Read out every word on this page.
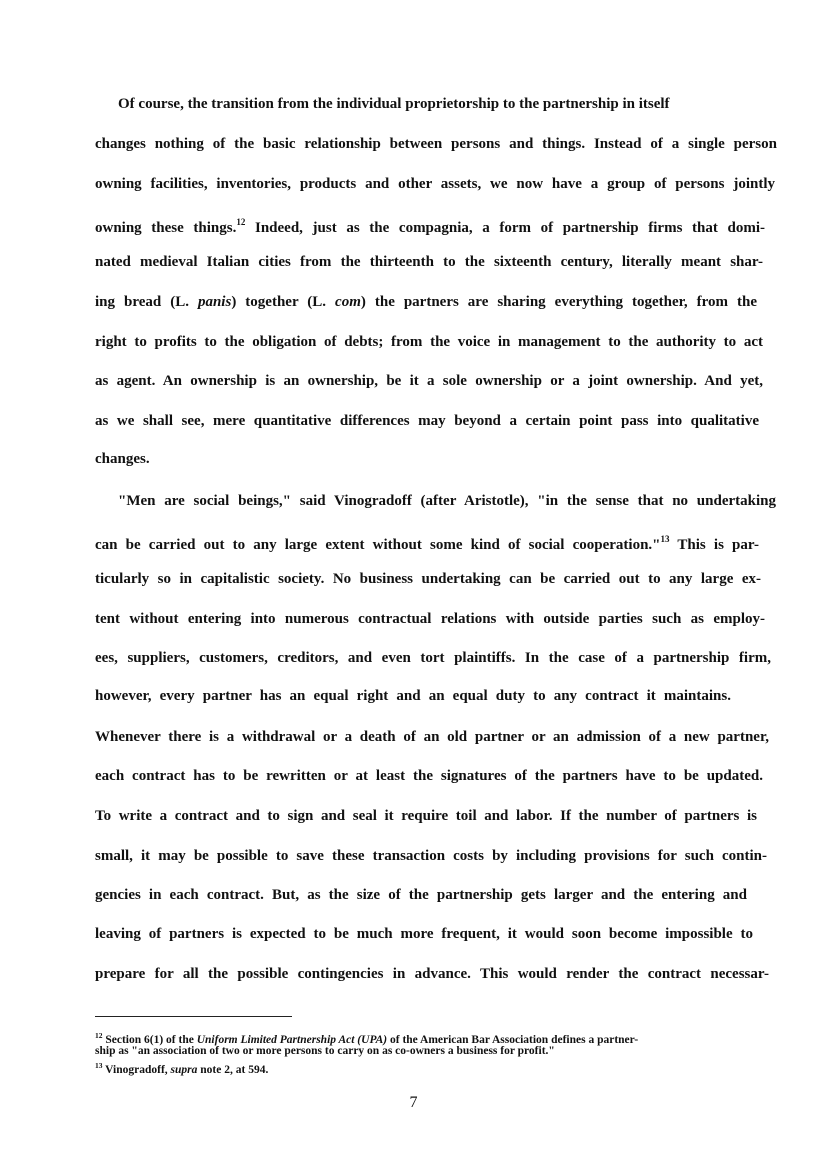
Of course, the transition from the individual proprietorship to the partnership in itself
changes nothing of the basic relationship between persons and things. Instead of a single person
owning facilities, inventories, products and other assets, we now have a group of persons jointly
owning these things.$^{12}$ Indeed, just as the compagnia, a form of partnership firms that domi-
nated medieval Italian cities from the thirteenth to the sixteenth century, literally meant shar-
ing bread (L. panis) together (L. com) the partners are sharing everything together, from the
right to profits to the obligation of debts; from the voice in management to the authority to act
as agent. An ownership is an ownership, be it a sole ownership or a joint ownership. And yet,
as we shall see, mere quantitative differences may beyond a certain point pass into qualitative
changes.
"Men are social beings," said Vinogradoff (after Aristotle), "in the sense that no undertaking
can be carried out to any large extent without some kind of social cooperation."$^{13}$ This is par-
ticularly so in capitalistic society. No business undertaking can be carried out to any large ex-
tent without entering into numerous contractual relations with outside parties such as employ-
ees, suppliers, customers, creditors, and even tort plaintiffs. In the case of a partnership firm,
however, every partner has an equal right and an equal duty to any contract it maintains.
Whenever there is a withdrawal or a death of an old partner or an admission of a new partner,
each contract has to be rewritten or at least the signatures of the partners have to be updated.
To write a contract and to sign and seal it require toil and labor. If the number of partners is
small, it may be possible to save these transaction costs by including provisions for such contin-
gencies in each contract. But, as the size of the partnership gets larger and the entering and
leaving of partners is expected to be much more frequent, it would soon become impossible to
prepare for all the possible contingencies in advance. This would render the contract necessar-
$^{12}$ Section 6(1) of the Uniform Limited Partnership Act (UPA) of the American Bar Association defines a partner-
ship as "an association of two or more persons to carry on as co-owners a business for profit."
$^{13}$ Vinogradoff, supra note 2, at 594.
7
